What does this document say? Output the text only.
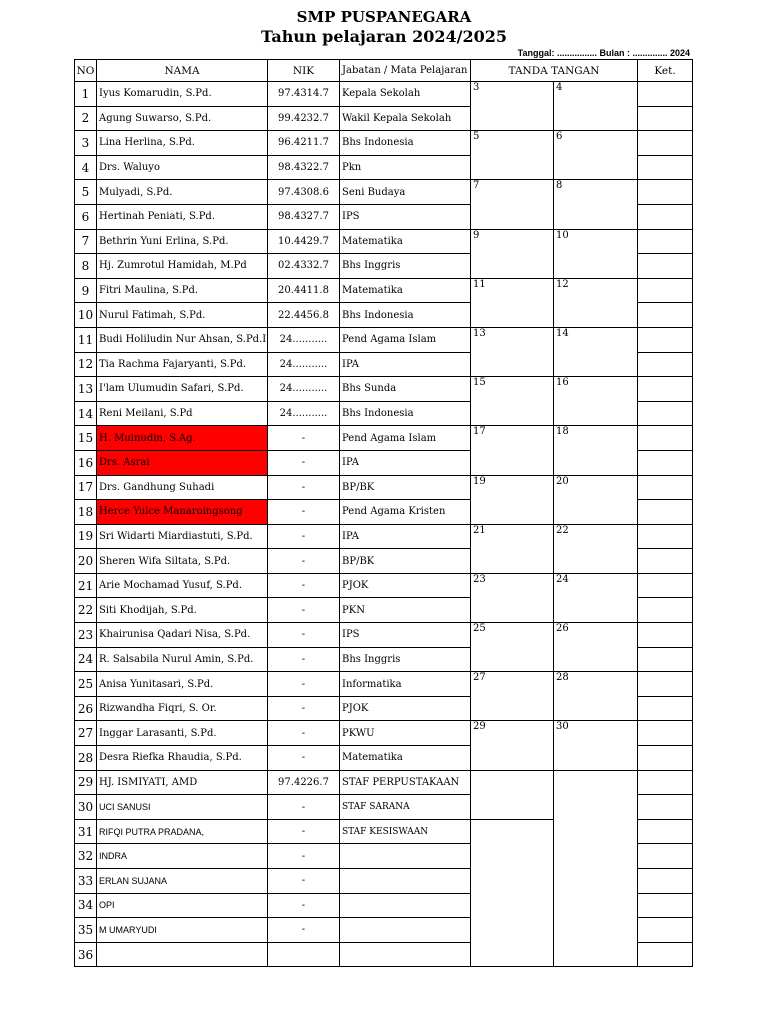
SMP PUSPANEGARA
Tahun pelajaran 2024/2025
Tanggal: ................ Bulan : .............. 2024
NO	NAMA	NIK	Jabatan / Mata Pelajaran	TANDA TANGAN		Ket.
1	Iyus Komarudin, S.Pd.	97.4314.7	Kepala Sekolah	3	4	
2	Agung Suwarso, S.Pd.	99.4232.7	Wakil Kepala Sekolah			
3	Lina Herlina, S.Pd.	96.4211.7	Bhs Indonesia	5	6	
4	Drs. Waluyo	98.4322.7	Pkn			
5	Mulyadi, S.Pd.	97.4308.6	Seni Budaya	7	8	
6	Hertinah Peniati, S.Pd.	98.4327.7	IPS			
7	Bethrin Yuni Erlina, S.Pd.	10.4429.7	Matematika	9	10	
8	Hj. Zumrotul Hamidah, M.Pd	02.4332.7	Bhs Inggris			
9	Fitri Maulina, S.Pd.	20.4411.8	Matematika	11	12	
10	Nurul Fatimah, S.Pd.	22.4456.8	Bhs Indonesia			
11	Budi Holiludin Nur Ahsan, S.Pd.I	24...........	Pend Agama Islam	13	14	
12	Tia Rachma Fajaryanti, S.Pd.	24...........	IPA			
13	I'lam Ulumudin Safari, S.Pd.	24...........	Bhs Sunda	15	16	
14	Reni Meilani, S.Pd	24...........	Bhs Indonesia			
15	H. Muinudin, S.Ag.	-	Pend Agama Islam	17	18	
16	Drs. Asrai	-	IPA			
17	Drs. Gandhung Suhadi	-	BP/BK	19	20	
18	Herce Yulce Manaroingsong	-	Pend Agama Kristen			
19	Sri Widarti Miardiastuti, S.Pd.	-	IPA	21	22	
20	Sheren Wifa Siltata, S.Pd.	-	BP/BK			
21	Arie Mochamad Yusuf, S.Pd.	-	PJOK	23	24	
22	Siti Khodijah, S.Pd.	-	PKN			
23	Khairunisa Qadari Nisa, S.Pd.	-	IPS	25	26	
24	R. Salsabila Nurul Amin, S.Pd.	-	Bhs Inggris			
25	Anisa Yunitasari, S.Pd.	-	Informatika	27	28	
26	Rizwandha Fiqri, S. Or.	-	PJOK			
27	Inggar Larasanti, S.Pd.	-	PKWU	29	30	
28	Desra Riefka Rhaudia, S.Pd.	-	Matematika			
29	HJ. ISMIYATI, AMD	97.4226.7	STAF PERPUSTAKAAN			
30	UCI SANUSI	-	STAF SARANA			
31	RIFQI PUTRA PRADANA,	-	STAF KESISWAAN			
32	INDRA	-				
33	ERLAN SUJANA	-				
34	OPI	-				
35	M UMARYUDI	-				
36						
